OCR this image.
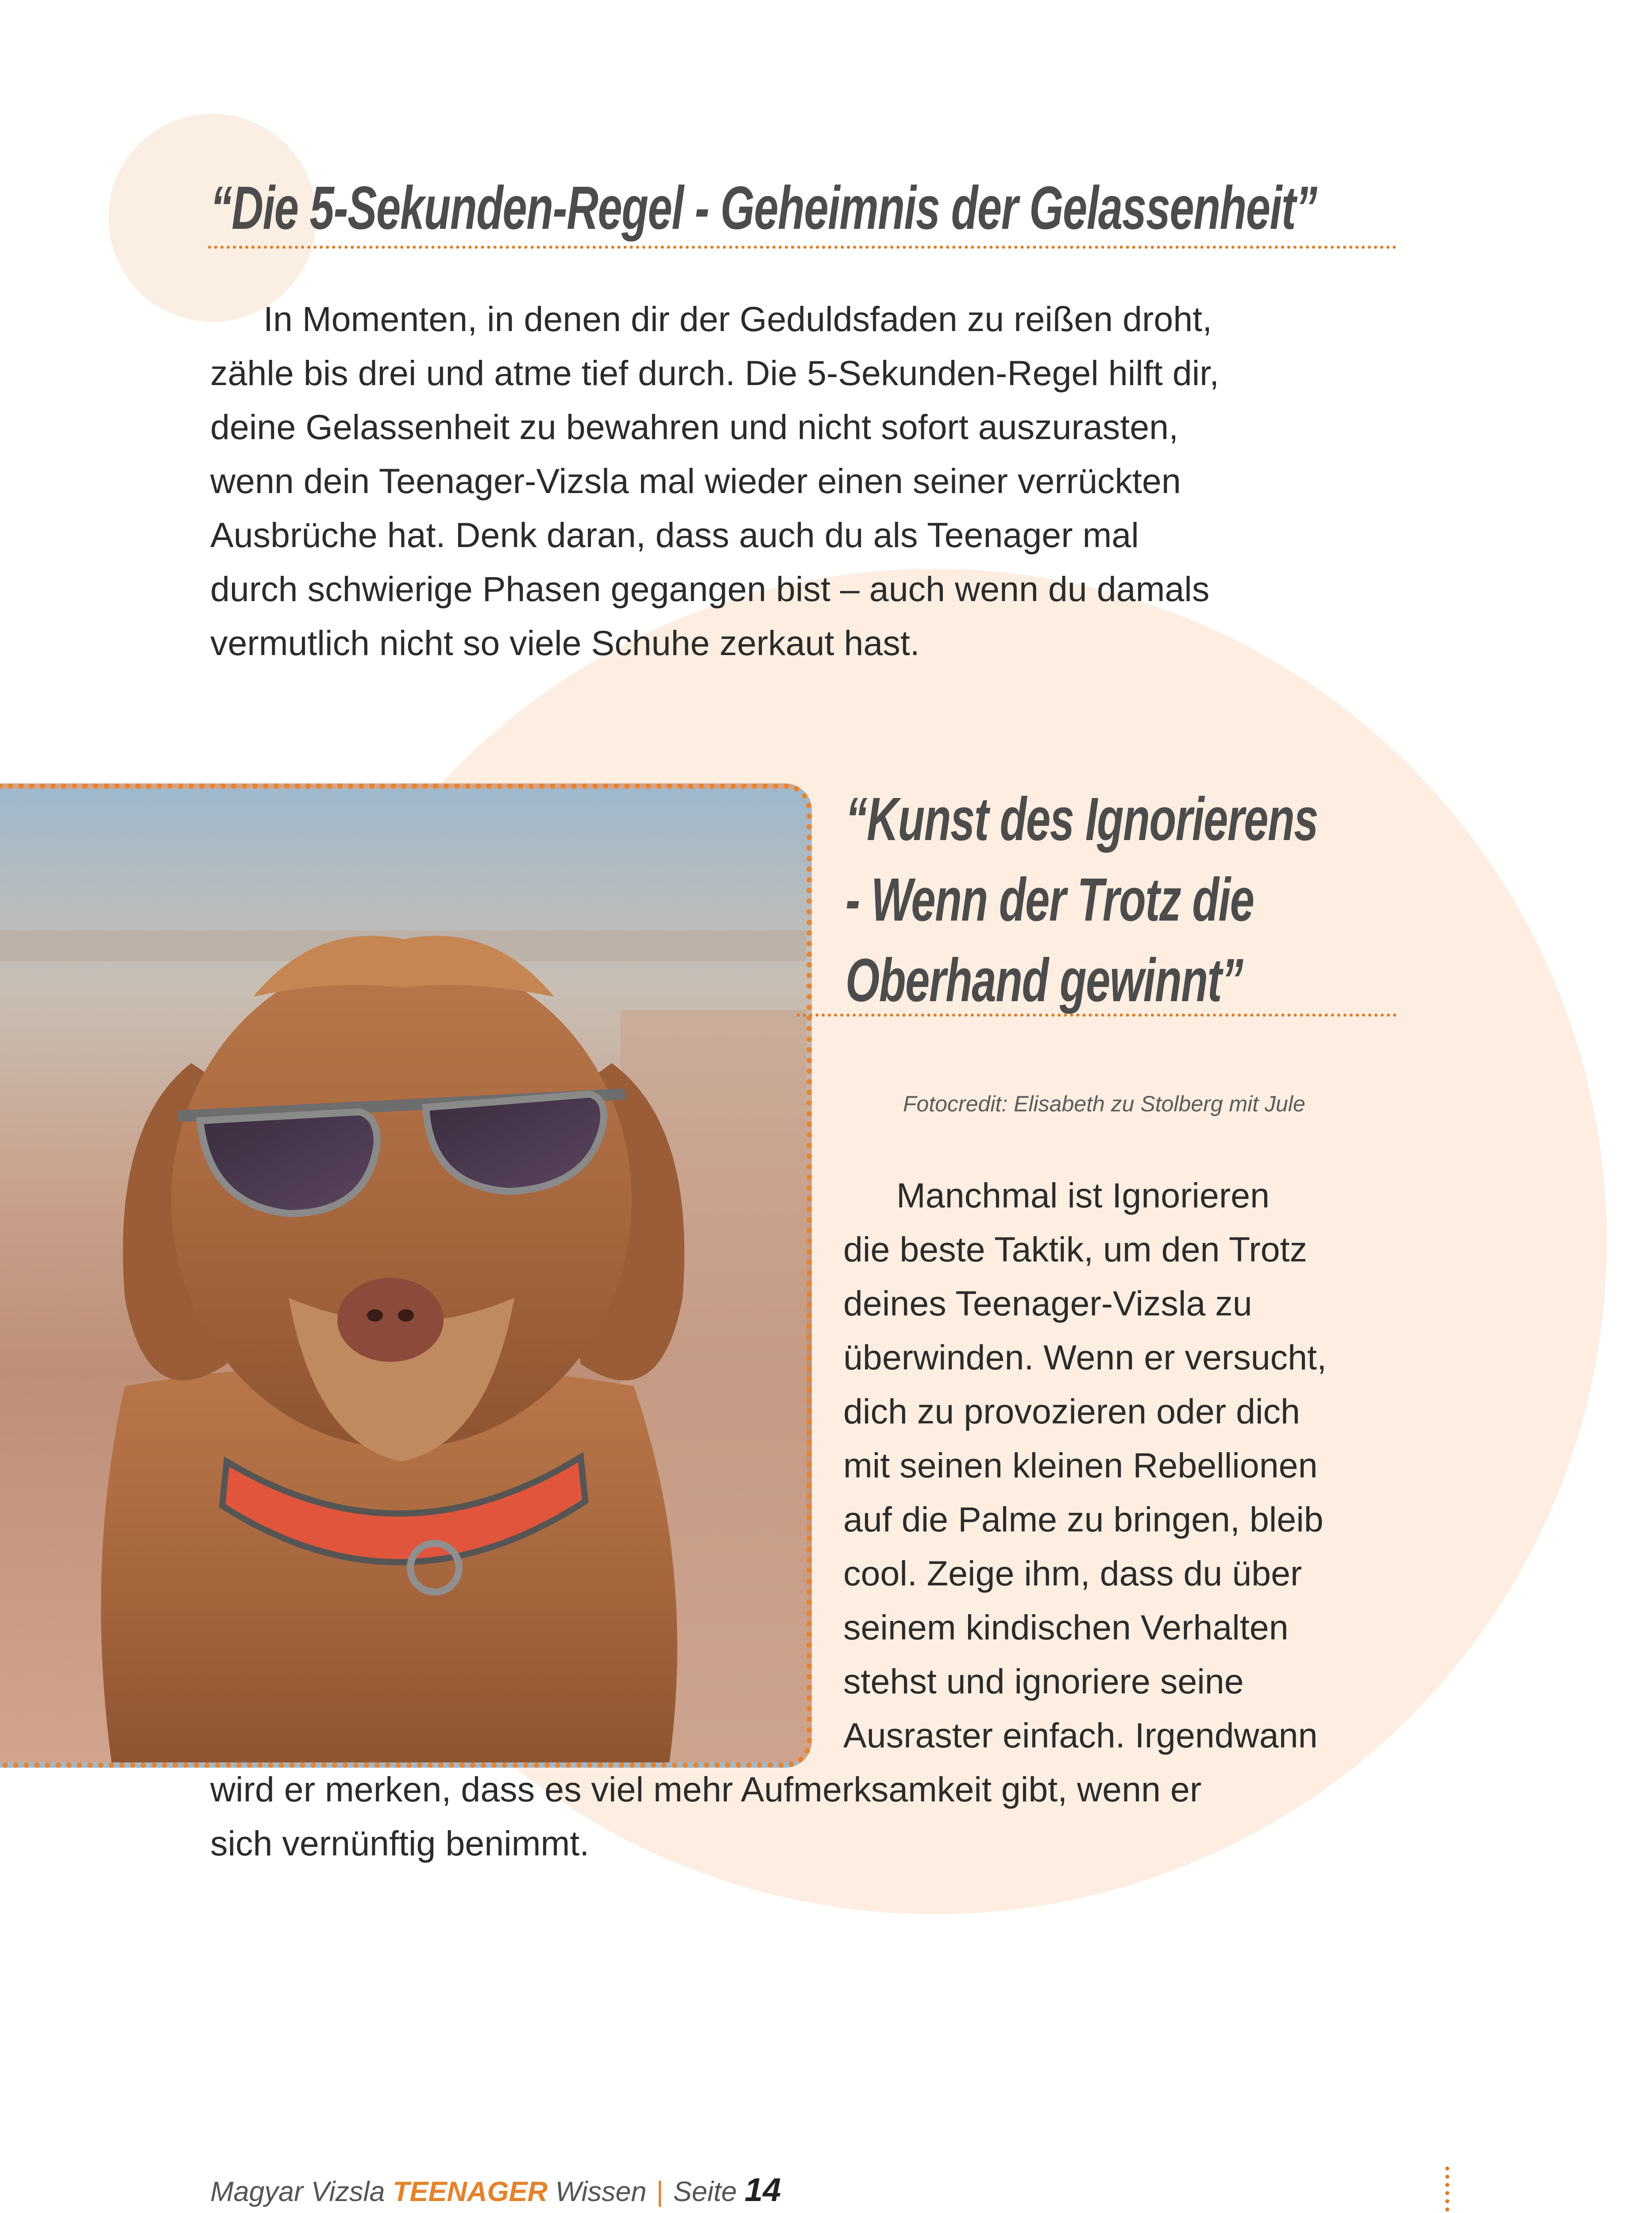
“Die 5-Sekunden-Regel - Geheimnis der Gelassenheit”

In Momenten, in denen dir der Geduldsfaden zu reißen droht,
zähle bis drei und atme tief durch. Die 5-Sekunden-Regel hilft dir,
deine Gelassenheit zu bewahren und nicht sofort auszurasten,
wenn dein Teenager-Vizsla mal wieder einen seiner verrückten
Ausbrüche hat. Denk daran, dass auch du als Teenager mal
durch schwierige Phasen gegangen bist – auch wenn du damals
vermutlich nicht so viele Schuhe zerkaut hast.

“Kunst des Ignorierens
- Wenn der Trotz die
Oberhand gewinnt”

Fotocredit: Elisabeth zu Stolberg mit Jule

Manchmal ist Ignorieren
die beste Taktik, um den Trotz
deines Teenager-Vizsla zu
überwinden. Wenn er versucht,
dich zu provozieren oder dich
mit seinen kleinen Rebellionen
auf die Palme zu bringen, bleib
cool. Zeige ihm, dass du über
seinem kindischen Verhalten
stehst und ignoriere seine
Ausraster einfach. Irgendwann
wird er merken, dass es viel mehr Aufmerksamkeit gibt, wenn er
sich vernünftig benimmt.

Magyar Vizsla TEENAGER Wissen | Seite 14
